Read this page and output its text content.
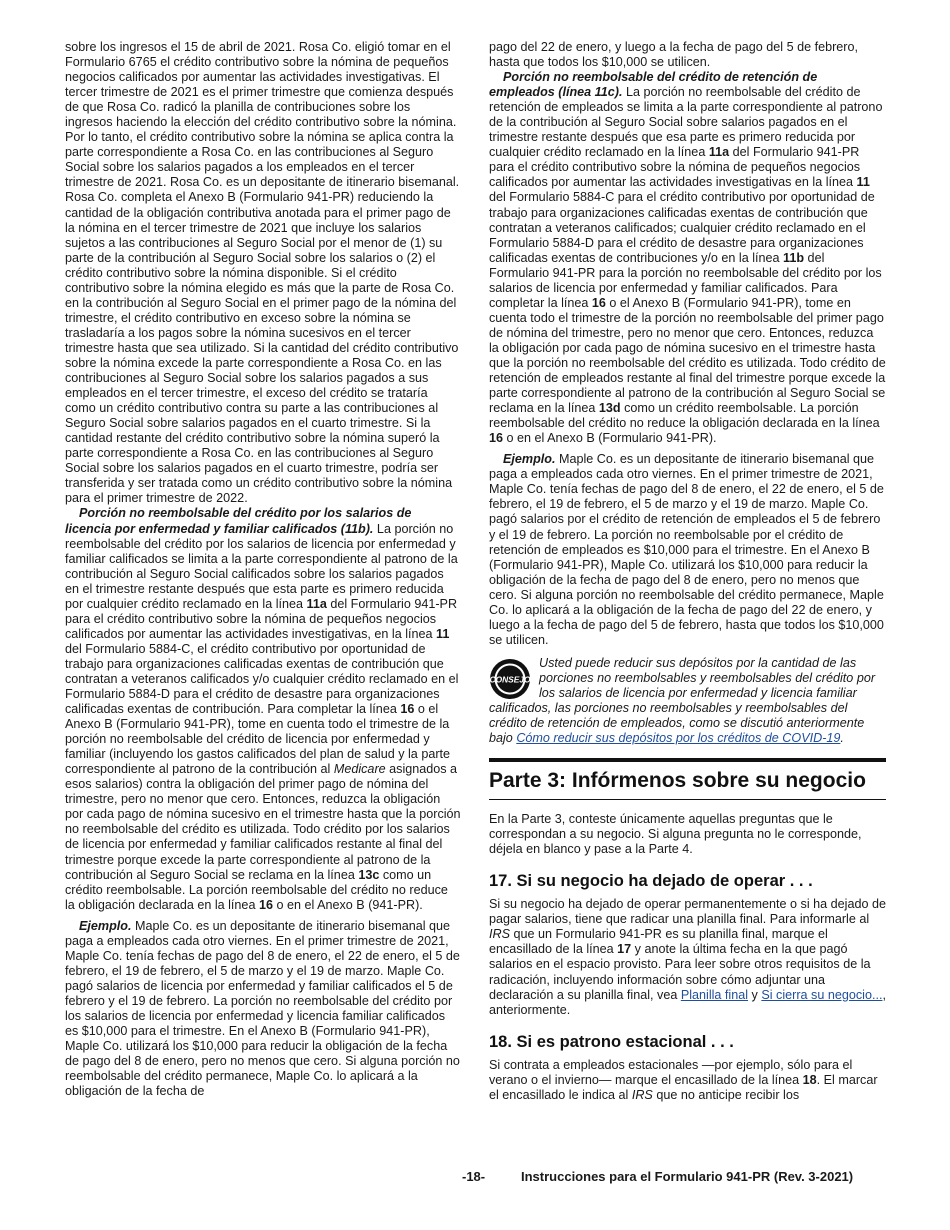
sobre los ingresos el 15 de abril de 2021. Rosa Co. eligió tomar en el Formulario 6765 el crédito contributivo sobre la nómina de pequeños negocios calificados por aumentar las actividades investigativas. El tercer trimestre de 2021 es el primer trimestre que comienza después de que Rosa Co. radicó la planilla de contribuciones sobre los ingresos haciendo la elección del crédito contributivo sobre la nómina. Por lo tanto, el crédito contributivo sobre la nómina se aplica contra la parte correspondiente a Rosa Co. en las contribuciones al Seguro Social sobre los salarios pagados a los empleados en el tercer trimestre de 2021. Rosa Co. es un depositante de itinerario bisemanal. Rosa Co. completa el Anexo B (Formulario 941-PR) reduciendo la cantidad de la obligación contributiva anotada para el primer pago de la nómina en el tercer trimestre de 2021 que incluye los salarios sujetos a las contribuciones al Seguro Social por el menor de (1) su parte de la contribución al Seguro Social sobre los salarios o (2) el crédito contributivo sobre la nómina disponible. Si el crédito contributivo sobre la nómina elegido es más que la parte de Rosa Co. en la contribución al Seguro Social en el primer pago de la nómina del trimestre, el crédito contributivo en exceso sobre la nómina se trasladaría a los pagos sobre la nómina sucesivos en el tercer trimestre hasta que sea utilizado. Si la cantidad del crédito contributivo sobre la nómina excede la parte correspondiente a Rosa Co. en las contribuciones al Seguro Social sobre los salarios pagados a sus empleados en el tercer trimestre, el exceso del crédito se trataría como un crédito contributivo contra su parte a las contribuciones al Seguro Social sobre salarios pagados en el cuarto trimestre. Si la cantidad restante del crédito contributivo sobre la nómina superó la parte correspondiente a Rosa Co. en las contribuciones al Seguro Social sobre los salarios pagados en el cuarto trimestre, podría ser transferida y ser tratada como un crédito contributivo sobre la nómina para el primer trimestre de 2022.

Porción no reembolsable del crédito por los salarios de licencia por enfermedad y familiar calificados (11b). La porción no reembolsable del crédito por los salarios de licencia por enfermedad y familiar calificados se limita a la parte correspondiente al patrono de la contribución al Seguro Social calificados sobre los salarios pagados en el trimestre restante después que esta parte es primero reducida por cualquier crédito reclamado en la línea 11a del Formulario 941-PR para el crédito contributivo sobre la nómina de pequeños negocios calificados por aumentar las actividades investigativas, en la línea 11 del Formulario 5884-C, el crédito contributivo por oportunidad de trabajo para organizaciones calificadas exentas de contribución que contratan a veteranos calificados y/o cualquier crédito reclamado en el Formulario 5884-D para el crédito de desastre para organizaciones calificadas exentas de contribución. Para completar la línea 16 o el Anexo B (Formulario 941-PR), tome en cuenta todo el trimestre de la porción no reembolsable del crédito de licencia por enfermedad y familiar (incluyendo los gastos calificados del plan de salud y la parte correspondiente al patrono de la contribución al Medicare asignados a esos salarios) contra la obligación del primer pago de nómina del trimestre, pero no menor que cero. Entonces, reduzca la obligación por cada pago de nómina sucesivo en el trimestre hasta que la porción no reembolsable del crédito es utilizada. Todo crédito por los salarios de licencia por enfermedad y familiar calificados restante al final del trimestre porque excede la parte correspondiente al patrono de la contribución al Seguro Social se reclama en la línea 13c como un crédito reembolsable. La porción reembolsable del crédito no reduce la obligación declarada en la línea 16 o en el Anexo B (941-PR).

Ejemplo. Maple Co. es un depositante de itinerario bisemanal que paga a empleados cada otro viernes. En el primer trimestre de 2021, Maple Co. tenía fechas de pago del 8 de enero, el 22 de enero, el 5 de febrero, el 19 de febrero, el 5 de marzo y el 19 de marzo. Maple Co. pagó salarios de licencia por enfermedad y familiar calificados el 5 de febrero y el 19 de febrero. La porción no reembolsable del crédito por los salarios de licencia por enfermedad y licencia familiar calificados es $10,000 para el trimestre. En el Anexo B (Formulario 941-PR), Maple Co. utilizará los $10,000 para reducir la obligación de la fecha de pago del 8 de enero, pero no menos que cero. Si alguna porción no reembolsable del crédito permanece, Maple Co. lo aplicará a la obligación de la fecha de

pago del 22 de enero, y luego a la fecha de pago del 5 de febrero, hasta que todos los $10,000 se utilicen.

Porción no reembolsable del crédito de retención de empleados (línea 11c). La porción no reembolsable del crédito de retención de empleados se limita a la parte correspondiente al patrono de la contribución al Seguro Social sobre salarios pagados en el trimestre restante después que esa parte es primero reducida por cualquier crédito reclamado en la línea 11a del Formulario 941-PR para el crédito contributivo sobre la nómina de pequeños negocios calificados por aumentar las actividades investigativas en la línea 11 del Formulario 5884-C para el crédito contributivo por oportunidad de trabajo para organizaciones calificadas exentas de contribución que contratan a veteranos calificados; cualquier crédito reclamado en el Formulario 5884-D para el crédito de desastre para organizaciones calificadas exentas de contribuciones y/o en la línea 11b del Formulario 941-PR para la porción no reembolsable del crédito por los salarios de licencia por enfermedad y familiar calificados. Para completar la línea 16 o el Anexo B (Formulario 941-PR), tome en cuenta todo el trimestre de la porción no reembolsable del primer pago de nómina del trimestre, pero no menor que cero. Entonces, reduzca la obligación por cada pago de nómina sucesivo en el trimestre hasta que la porción no reembolsable del crédito es utilizada. Todo crédito de retención de empleados restante al final del trimestre porque excede la parte correspondiente al patrono de la contribución al Seguro Social se reclama en la línea 13d como un crédito reembolsable. La porción reembolsable del crédito no reduce la obligación declarada en la línea 16 o en el Anexo B (Formulario 941-PR).

Ejemplo. Maple Co. es un depositante de itinerario bisemanal que paga a empleados cada otro viernes. En el primer trimestre de 2021, Maple Co. tenía fechas de pago del 8 de enero, el 22 de enero, el 5 de febrero, el 19 de febrero, el 5 de marzo y el 19 de marzo. Maple Co. pagó salarios por el crédito de retención de empleados el 5 de febrero y el 19 de febrero. La porción no reembolsable por el crédito de retención de empleados es $10,000 para el trimestre. En el Anexo B (Formulario 941-PR), Maple Co. utilizará los $10,000 para reducir la obligación de la fecha de pago del 8 de enero, pero no menos que cero. Si alguna porción no reembolsable del crédito permanece, Maple Co. lo aplicará a la obligación de la fecha de pago del 22 de enero, y luego a la fecha de pago del 5 de febrero, hasta que todos los $10,000 se utilicen.

CONSEJO
Usted puede reducir sus depósitos por la cantidad de las porciones no reembolsables y reembolsables del crédito por los salarios de licencia por enfermedad y licencia familiar calificados, las porciones no reembolsables y reembolsables del crédito de retención de empleados, como se discutió anteriormente bajo Cómo reducir sus depósitos por los créditos de COVID-19.
Parte 3: Infórmenos sobre su negocio

En la Parte 3, conteste únicamente aquellas preguntas que le correspondan a su negocio. Si alguna pregunta no le corresponde, déjela en blanco y pase a la Parte 4.

17. Si su negocio ha dejado de operar . . .

Si su negocio ha dejado de operar permanentemente o si ha dejado de pagar salarios, tiene que radicar una planilla final. Para informarle al IRS que un Formulario 941-PR es su planilla final, marque el encasillado de la línea 17 y anote la última fecha en la que pagó salarios en el espacio provisto. Para leer sobre otros requisitos de la radicación, incluyendo información sobre cómo adjuntar una declaración a su planilla final, vea Planilla final y Si cierra su negocio..., anteriormente.

18. Si es patrono estacional . . .

Si contrata a empleados estacionales —por ejemplo, sólo para el verano o el invierno— marque el encasillado de la línea 18. El marcar el encasillado le indica al IRS que no anticipe recibir los

-18-	Instrucciones para el Formulario 941-PR (Rev. 3-2021)
